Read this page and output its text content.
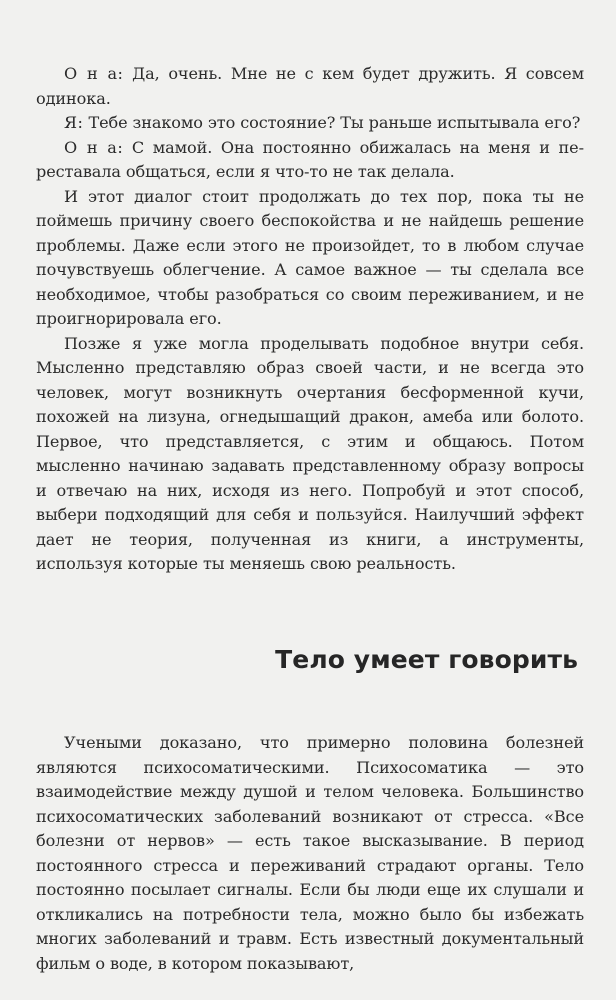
О н а: Да, очень. Мне не с кем будет дружить. Я совсем одинока.

Я: Тебе знакомо это состояние? Ты раньше испытывала его?

О н а: С мамой. Она постоянно обижалась на меня и переставала общаться, если я что-то не так делала.

И этот диалог стоит продолжать до тех пор, пока ты не поймешь причину своего беспокойства и не найдешь решение проблемы. Даже если этого не произойдет, то в любом случае почувствуешь облегчение. А самое важное — ты сделала все необходимое, чтобы разобраться со своим переживанием, и не проигнорировала его.

Позже я уже могла проделывать подобное внутри себя. Мысленно представляю образ своей части, и не всегда это человек, могут возникнуть очертания бесформенной кучи, похожей на лизуна, огнедышащий дракон, амеба или болото. Первое, что представляется, с этим и общаюсь. Потом мысленно начинаю задавать представленному образу вопросы и отвечаю на них, исходя из него. Попробуй и этот способ, выбери подходящий для себя и пользуйся. Наилучший эффект дает не теория, полученная из книги, а инструменты, используя которые ты меняешь свою реальность.

Тело умеет говорить

Учеными доказано, что примерно половина болезней являются психосоматическими. Психосоматика — это взаимодействие между душой и телом человека. Большинство психосоматических заболеваний возникают от стресса. «Все болезни от нервов» — есть такое высказывание. В период постоянного стресса и переживаний страдают органы. Тело постоянно посылает сигналы. Если бы люди еще их слушали и откликались на потребности тела, можно было бы избежать многих заболеваний и травм. Есть известный документальный фильм о воде, в котором показывают,
